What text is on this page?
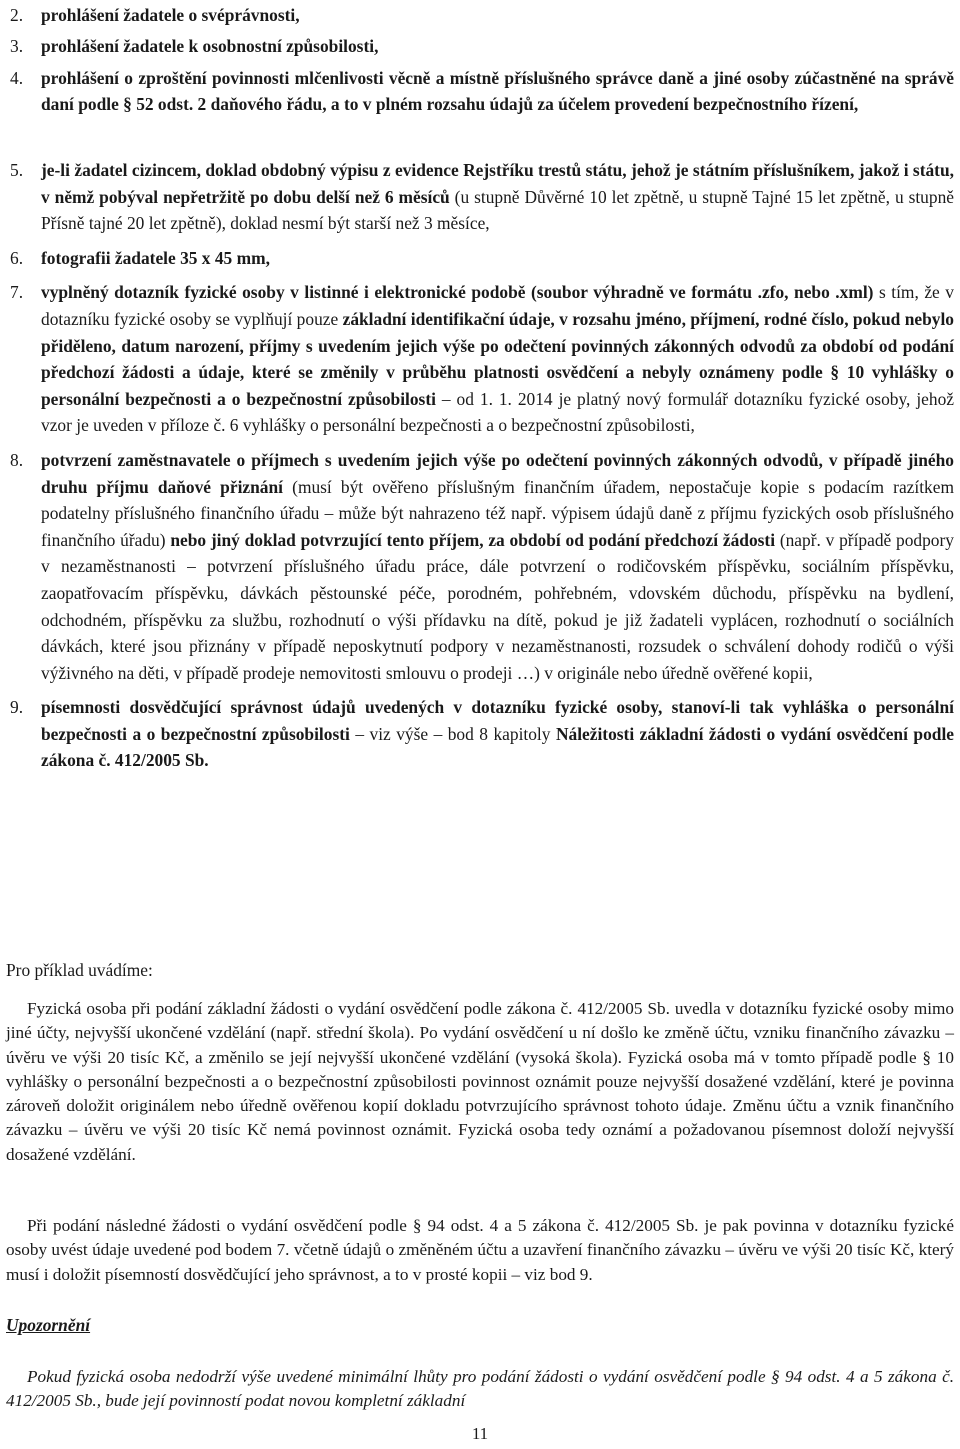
2. prohlášení žadatele o svéprávnosti,
3. prohlášení žadatele k osobnostní způsobilosti,
4. prohlášení o zproštění povinnosti mlčenlivosti věcně a místně příslušného správce daně a jiné osoby zúčastněné na správě daní podle § 52 odst. 2 daňového řádu, a to v plném rozsahu údajů za účelem provedení bezpečnostního řízení,
5. je-li žadatel cizincem, doklad obdobný výpisu z evidence Rejstříku trestů státu, jehož je státním příslušníkem, jakož i státu, v němž pobýval nepřetržitě po dobu delší než 6 měsíců (u stupně Důvěrné 10 let zpětně, u stupně Tajné 15 let zpětně, u stupně Přísně tajné 20 let zpětně), doklad nesmí být starší než 3 měsíce,
6. fotografii žadatele 35 x 45 mm,
7. vyplněný dotazník fyzické osoby v listinné i elektronické podobě (soubor výhradně ve formátu .zfo, nebo .xml) s tím, že v dotazníku fyzické osoby se vyplňují pouze základní identifikační údaje, v rozsahu jméno, příjmení, rodné číslo, pokud nebylo přiděleno, datum narození, příjmy s uvedením jejich výše po odečtení povinných zákonných odvodů za období od podání předchozí žádosti a údaje, které se změnily v průběhu platnosti osvědčení a nebyly oznámeny podle § 10 vyhlášky o personální bezpečnosti a o bezpečnostní způsobilosti – od 1. 1. 2014 je platný nový formulář dotazníku fyzické osoby, jehož vzor je uveden v příloze č. 6 vyhlášky o personální bezpečnosti a o bezpečnostní způsobilosti,
8. potvrzení zaměstnavatele o příjmech s uvedením jejich výše po odečtení povinných zákonných odvodů, v případě jiného druhu příjmu daňové přiznání (musí být ověřeno příslušným finančním úřadem, nepostačuje kopie s podacím razítkem podatelny příslušného finančního úřadu – může být nahrazeno též např. výpisem údajů daně z příjmu fyzických osob příslušného finančního úřadu) nebo jiný doklad potvrzující tento příjem, za období od podání předchozí žádosti (např. v případě podpory v nezaměstnanosti – potvrzení příslušného úřadu práce, dále potvrzení o rodičovském příspěvku, sociálním příspěvku, zaopatřovacím příspěvku, dávkách pěstounské péče, porodném, pohřebném, vdovském důchodu, příspěvku na bydlení, odchodném, příspěvku za službu, rozhodnutí o výši přídavku na dítě, pokud je již žadateli vyplácen, rozhodnutí o sociálních dávkách, které jsou přiznány v případě neposkytnutí podpory v nezaměstnanosti, rozsudek o schválení dohody rodičů o výši výživného na děti, v případě prodeje nemovitosti smlouvu o prodeji …) v originále nebo úředně ověřené kopii,
9. písemnosti dosvědčující správnost údajů uvedených v dotazníku fyzické osoby, stanoví-li tak vyhláška o personální bezpečnosti a o bezpečnostní způsobilosti – viz výše – bod 8 kapitoly Náležitosti základní žádosti o vydání osvědčení podle zákona č. 412/2005 Sb.

Pro příklad uvádíme:

Fyzická osoba při podání základní žádosti o vydání osvědčení podle zákona č. 412/2005 Sb. uvedla v dotazníku fyzické osoby mimo jiné účty, nejvyšší ukončené vzdělání (např. střední škola). Po vydání osvědčení u ní došlo ke změně účtu, vzniku finančního závazku – úvěru ve výši 20 tisíc Kč, a změnilo se její nejvyšší ukončené vzdělání (vysoká škola). Fyzická osoba má v tomto případě podle § 10 vyhlášky o personální bezpečnosti a o bezpečnostní způsobilosti povinnost oznámit pouze nejvyšší dosažené vzdělání, které je povinna zároveň doložit originálem nebo úředně ověřenou kopií dokladu potvrzujícího správnost tohoto údaje. Změnu účtu a vznik finančního závazku – úvěru ve výši 20 tisíc Kč nemá povinnost oznámit. Fyzická osoba tedy oznámí a požadovanou písemnost doloží nejvyšší dosažené vzdělání.

Při podání následné žádosti o vydání osvědčení podle § 94 odst. 4 a 5 zákona č. 412/2005 Sb. je pak povinna v dotazníku fyzické osoby uvést údaje uvedené pod bodem 7. včetně údajů o změněném účtu a uzavření finančního závazku – úvěru ve výši 20 tisíc Kč, který musí i doložit písemností dosvědčující jeho správnost, a to v prosté kopii – viz bod 9.

Upozornění

Pokud fyzická osoba nedodrží výše uvedené minimální lhůty pro podání žádosti o vydání osvědčení podle § 94 odst. 4 a 5 zákona č. 412/2005 Sb., bude její povinností podat novou kompletní základní

11
